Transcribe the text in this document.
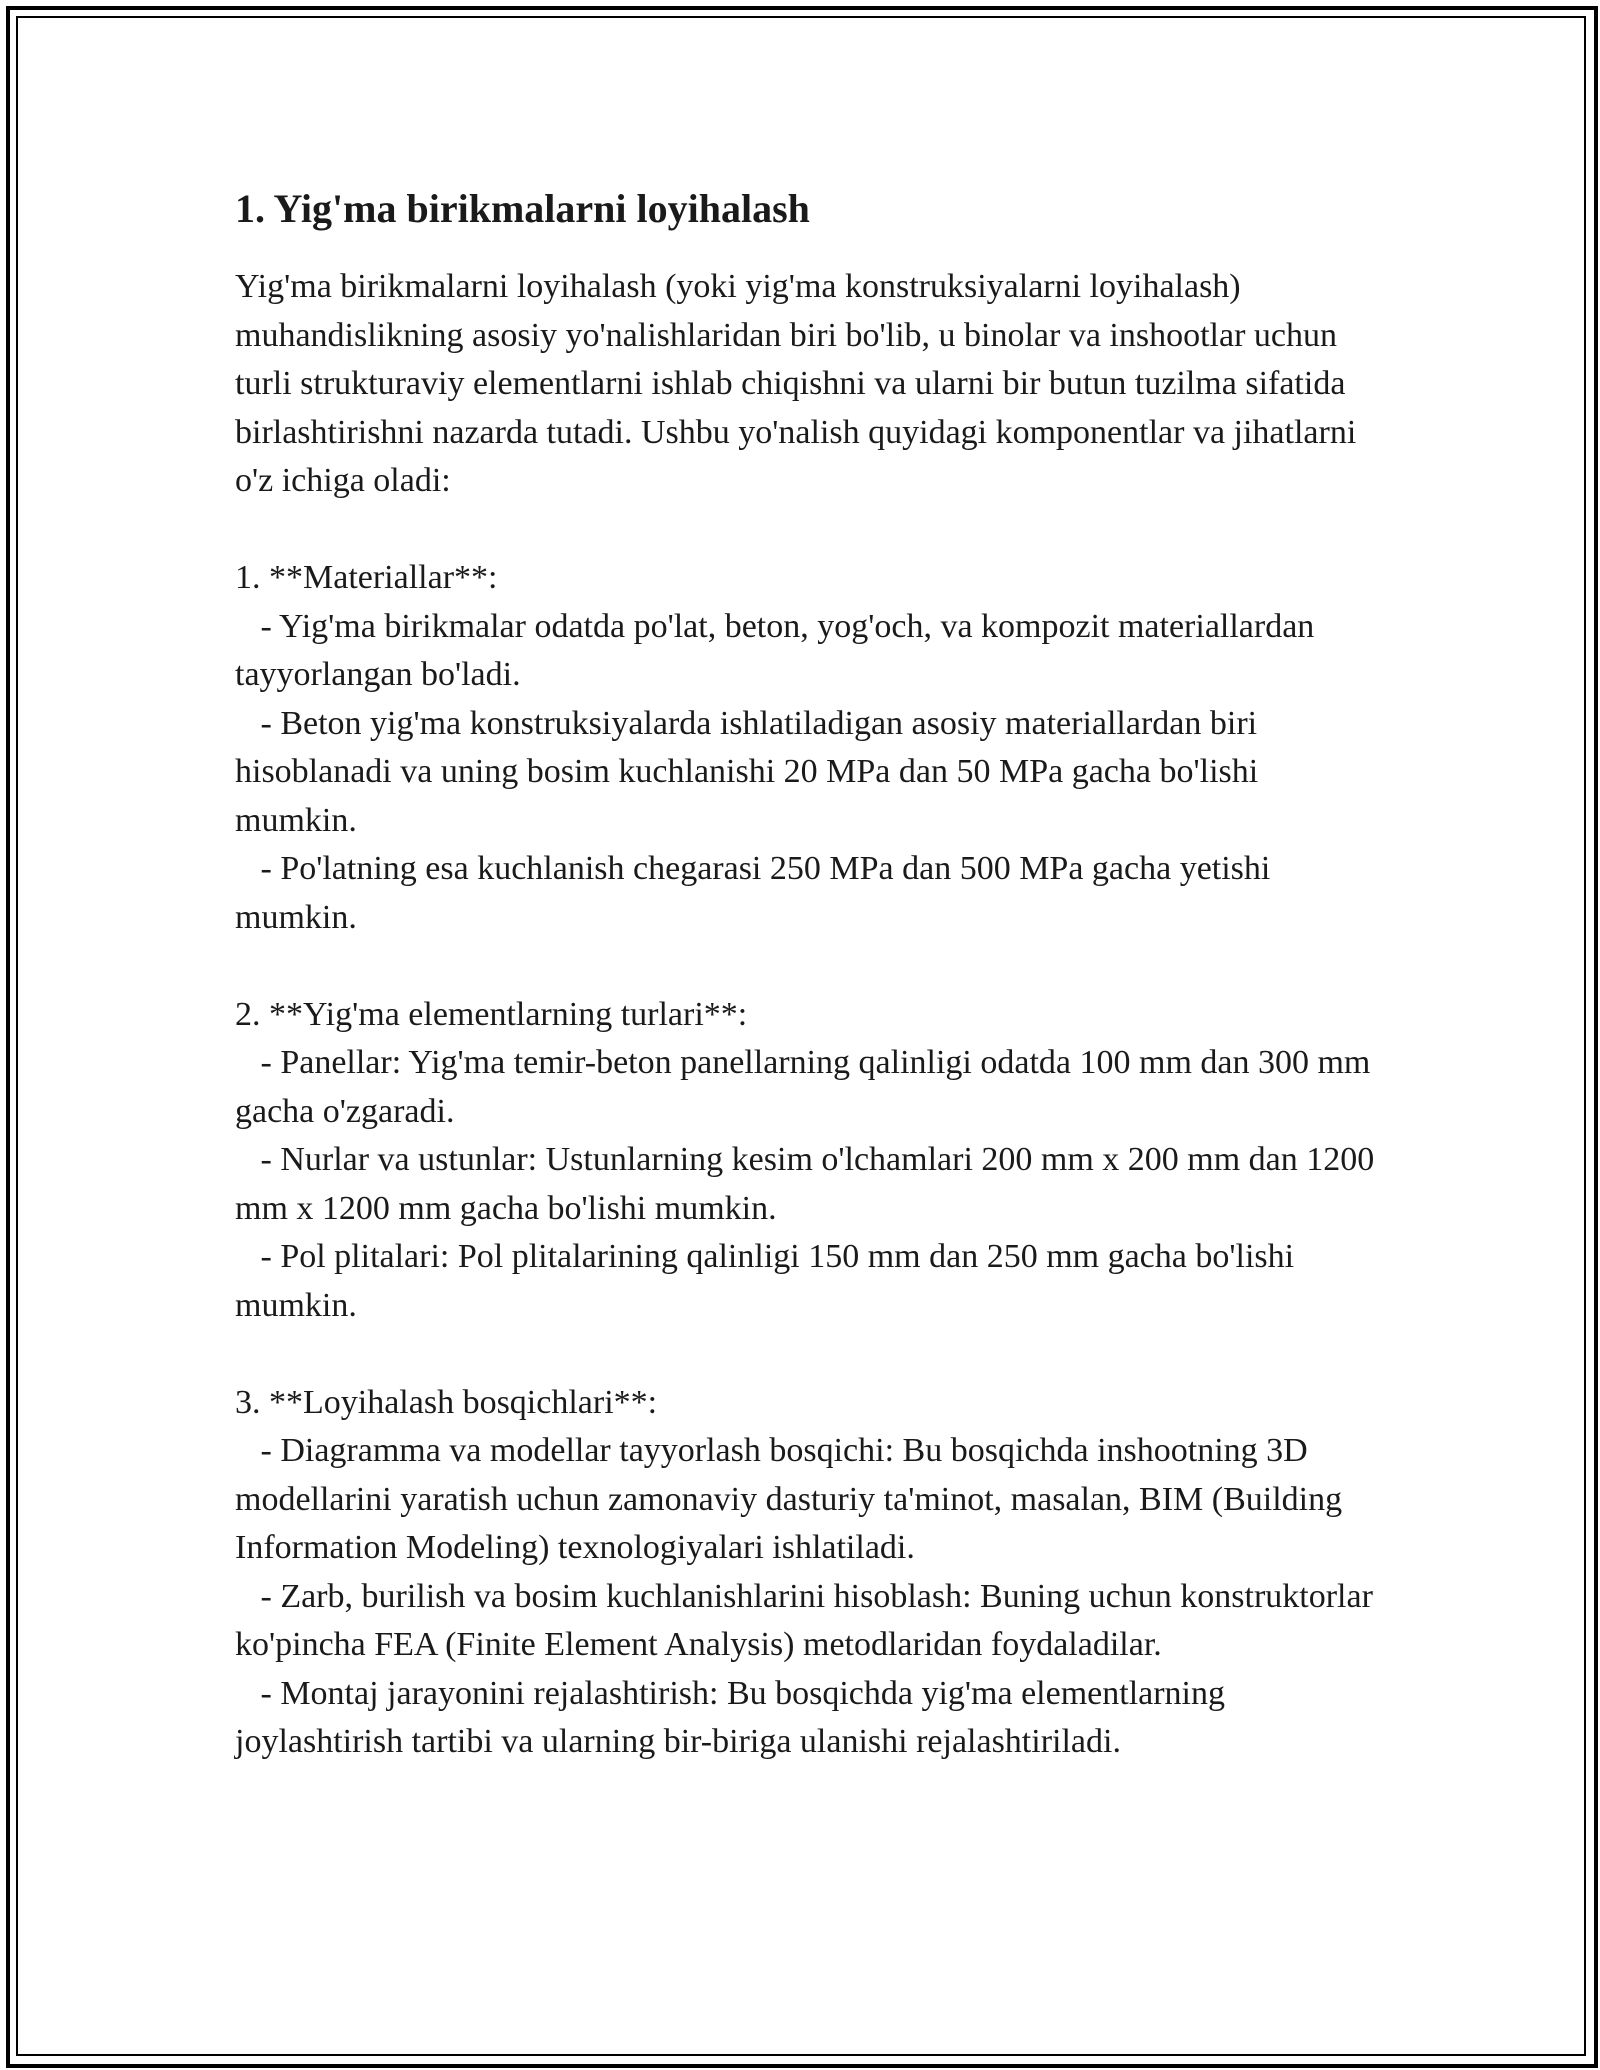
1. Yig'ma birikmalarni loyihalash

Yig'ma birikmalarni loyihalash (yoki yig'ma konstruksiyalarni loyihalash) muhandislikning asosiy yo'nalishlaridan biri bo'lib, u binolar va inshootlar uchun turli strukturaviy elementlarni ishlab chiqishni va ularni bir butun tuzilma sifatida birlashtirishni nazarda tutadi. Ushbu yo'nalish quyidagi komponentlar va jihatlarni o'z ichiga oladi:

1. **Materiallar**:

- Yig'ma birikmalar odatda po'lat, beton, yog'och, va kompozit materiallardan tayyorlangan bo'ladi.

- Beton yig'ma konstruksiyalarda ishlatiladigan asosiy materiallardan biri hisoblanadi va uning bosim kuchlanishi 20 MPa dan 50 MPa gacha bo'lishi mumkin.

- Po'latning esa kuchlanish chegarasi 250 MPa dan 500 MPa gacha yetishi mumkin.

2. **Yig'ma elementlarning turlari**:

- Panellar: Yig'ma temir-beton panellarning qalinligi odatda 100 mm dan 300 mm gacha o'zgaradi.

- Nurlar va ustunlar: Ustunlarning kesim o'lchamlari 200 mm x 200 mm dan 1200 mm x 1200 mm gacha bo'lishi mumkin.

- Pol plitalari: Pol plitalarining qalinligi 150 mm dan 250 mm gacha bo'lishi mumkin.

3. **Loyihalash bosqichlari**:

- Diagramma va modellar tayyorlash bosqichi: Bu bosqichda inshootning 3D modellarini yaratish uchun zamonaviy dasturiy ta'minot, masalan, BIM (Building Information Modeling) texnologiyalari ishlatiladi.

- Zarb, burilish va bosim kuchlanishlarini hisoblash: Buning uchun konstruktorlar ko'pincha FEA (Finite Element Analysis) metodlaridan foydaladilar.

- Montaj jarayonini rejalashtirish: Bu bosqichda yig'ma elementlarning joylashtirish tartibi va ularning bir-biriga ulanishi rejalashtiriladi.
